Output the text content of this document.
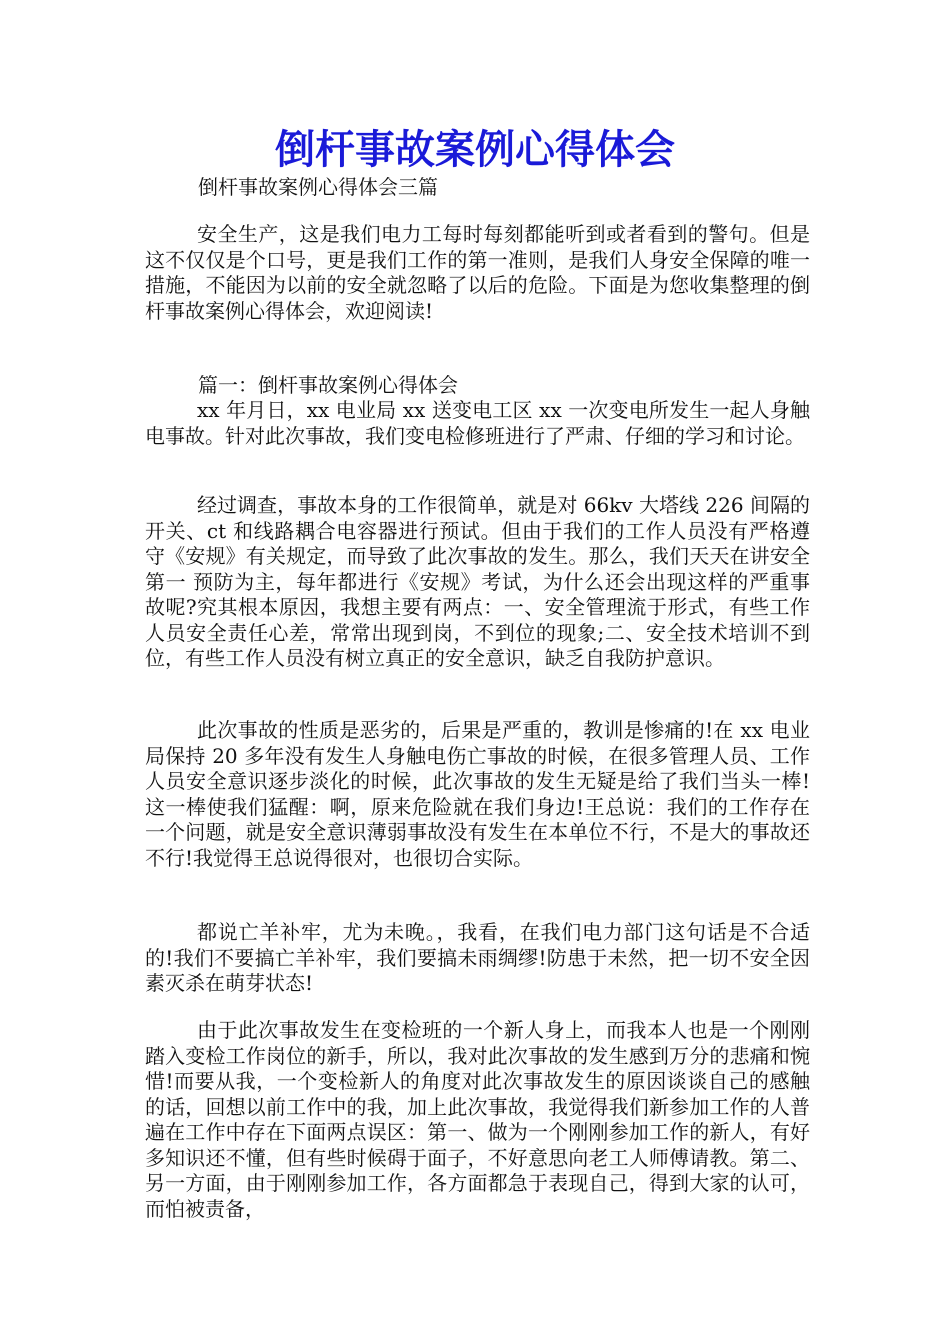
倒杆事故案例心得体会

倒杆事故案例心得体会三篇

安全生产，这是我们电力工每时每刻都能听到或者看到的警句。但是这不仅仅是个口号，更是我们工作的第一准则，是我们人身安全保障的唯一措施，不能因为以前的安全就忽略了以后的危险。下面是为您收集整理的倒杆事故案例心得体会，欢迎阅读!

篇一：倒杆事故案例心得体会

xx 年月日，xx 电业局 xx 送变电工区 xx 一次变电所发生一起人身触电事故。针对此次事故，我们变电检修班进行了严肃、仔细的学习和讨论。

经过调查，事故本身的工作很简单，就是对 66kv 大塔线 226 间隔的开关、ct 和线路耦合电容器进行预试。但由于我们的工作人员没有严格遵守《安规》有关规定，而导致了此次事故的发生。那么，我们天天在讲安全第一 预防为主，每年都进行《安规》考试，为什么还会出现这样的严重事故呢?究其根本原因，我想主要有两点：一、安全管理流于形式，有些工作人员安全责任心差，常常出现到岗，不到位的现象;二、安全技术培训不到位，有些工作人员没有树立真正的安全意识，缺乏自我防护意识。

此次事故的性质是恶劣的，后果是严重的，教训是惨痛的!在 xx 电业局保持 20 多年没有发生人身触电伤亡事故的时候，在很多管理人员、工作人员安全意识逐步淡化的时候，此次事故的发生无疑是给了我们当头一棒!这一棒使我们猛醒：啊，原来危险就在我们身边!王总说：我们的工作存在一个问题，就是安全意识薄弱事故没有发生在本单位不行，不是大的事故还不行!我觉得王总说得很对，也很切合实际。

都说亡羊补牢，尤为未晚。，我看，在我们电力部门这句话是不合适的!我们不要搞亡羊补牢，我们要搞未雨绸缪!防患于未然，把一切不安全因素灭杀在萌芽状态!

由于此次事故发生在变检班的一个新人身上，而我本人也是一个刚刚踏入变检工作岗位的新手，所以，我对此次事故的发生感到万分的悲痛和惋惜!而要从我，一个变检新人的角度对此次事故发生的原因谈谈自己的感触的话，回想以前工作中的我，加上此次事故，我觉得我们新参加工作的人普遍在工作中存在下面两点误区：第一、做为一个刚刚参加工作的新人，有好多知识还不懂，但有些时候碍于面子，不好意思向老工人师傅请教。第二、另一方面，由于刚刚参加工作，各方面都急于表现自己，得到大家的认可，而怕被责备，
